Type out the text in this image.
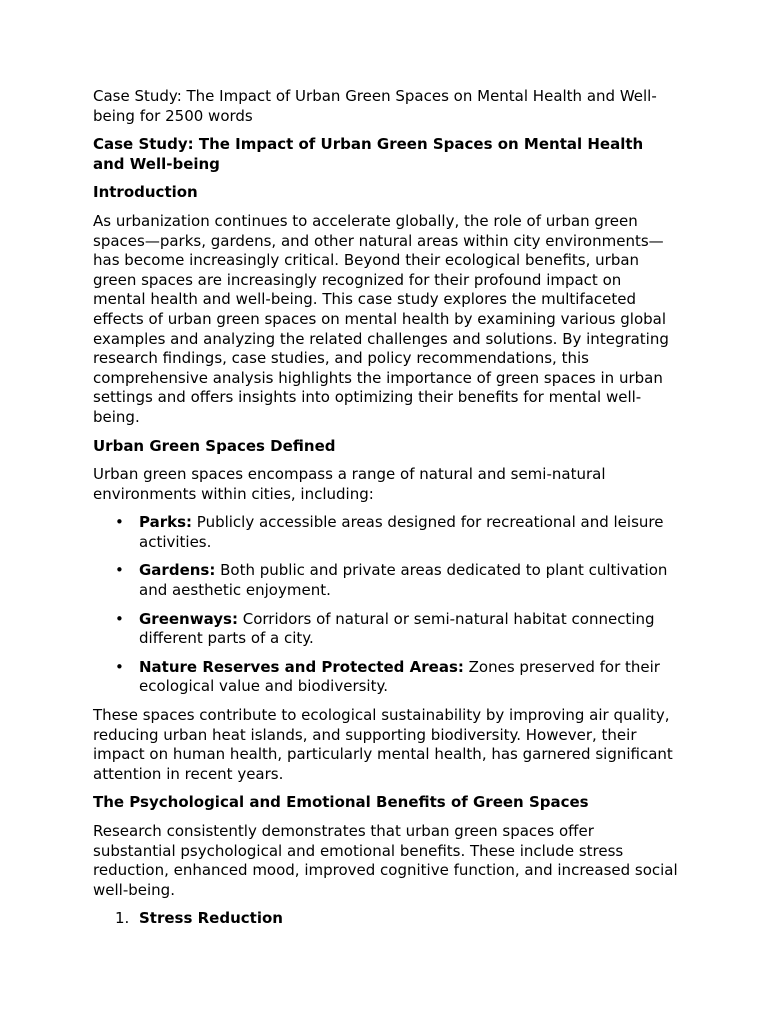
Case Study: The Impact of Urban Green Spaces on Mental Health and Well-being for 2500 words

Case Study: The Impact of Urban Green Spaces on Mental Health and Well-being
Introduction

As urbanization continues to accelerate globally, the role of urban green spaces—parks, gardens, and other natural areas within city environments—has become increasingly critical. Beyond their ecological benefits, urban green spaces are increasingly recognized for their profound impact on mental health and well-being. This case study explores the multifaceted effects of urban green spaces on mental health by examining various global examples and analyzing the related challenges and solutions. By integrating research findings, case studies, and policy recommendations, this comprehensive analysis highlights the importance of green spaces in urban settings and offers insights into optimizing their benefits for mental well-being.

Urban Green Spaces Defined

Urban green spaces encompass a range of natural and semi-natural environments within cities, including:

• Parks: Publicly accessible areas designed for recreational and leisure activities.
• Gardens: Both public and private areas dedicated to plant cultivation and aesthetic enjoyment.
• Greenways: Corridors of natural or semi-natural habitat connecting different parts of a city.
• Nature Reserves and Protected Areas: Zones preserved for their ecological value and biodiversity.

These spaces contribute to ecological sustainability by improving air quality, reducing urban heat islands, and supporting biodiversity. However, their impact on human health, particularly mental health, has garnered significant attention in recent years.

The Psychological and Emotional Benefits of Green Spaces

Research consistently demonstrates that urban green spaces offer substantial psychological and emotional benefits. These include stress reduction, enhanced mood, improved cognitive function, and increased social well-being.

1. Stress Reduction
